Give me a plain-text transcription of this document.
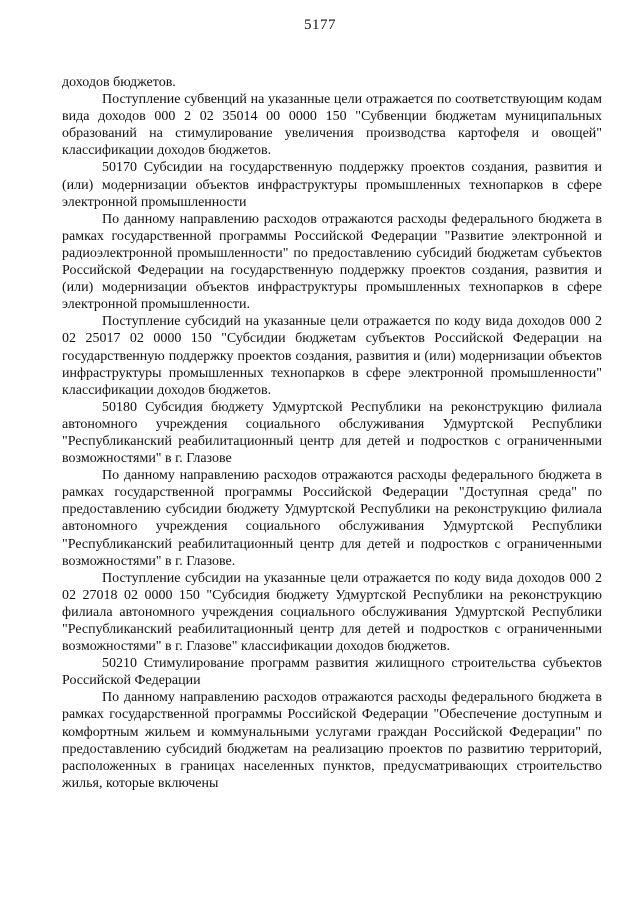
5177

доходов бюджетов.

Поступление субвенций на указанные цели отражается по соответствующим кодам вида доходов 000 2 02 35014 00 0000 150 "Субвенции бюджетам муниципальных образований на стимулирование увеличения производства картофеля и овощей" классификации доходов бюджетов.

50170 Субсидии на государственную поддержку проектов создания, развития и (или) модернизации объектов инфраструктуры промышленных технопарков в сфере электронной промышленности

По данному направлению расходов отражаются расходы федерального бюджета в рамках государственной программы Российской Федерации "Развитие электронной и радиоэлектронной промышленности" по предоставлению субсидий бюджетам субъектов Российской Федерации на государственную поддержку проектов создания, развития и (или) модернизации объектов инфраструктуры промышленных технопарков в сфере электронной промышленности.

Поступление субсидий на указанные цели отражается по коду вида доходов 000 2 02 25017 02 0000 150 "Субсидии бюджетам субъектов Российской Федерации на государственную поддержку проектов создания, развития и (или) модернизации объектов инфраструктуры промышленных технопарков в сфере электронной промышленности" классификации доходов бюджетов.

50180 Субсидия бюджету Удмуртской Республики на реконструкцию филиала автономного учреждения социального обслуживания Удмуртской Республики "Республиканский реабилитационный центр для детей и подростков с ограниченными возможностями" в г. Глазове

По данному направлению расходов отражаются расходы федерального бюджета в рамках государственной программы Российской Федерации "Доступная среда" по предоставлению субсидии бюджету Удмуртской Республики на реконструкцию филиала автономного учреждения социального обслуживания Удмуртской Республики "Республиканский реабилитационный центр для детей и подростков с ограниченными возможностями" в г. Глазове.

Поступление субсидии на указанные цели отражается по коду вида доходов 000 2 02 27018 02 0000 150 "Субсидия бюджету Удмуртской Республики на реконструкцию филиала автономного учреждения социального обслуживания Удмуртской Республики "Республиканский реабилитационный центр для детей и подростков с ограниченными возможностями" в г. Глазове" классификации доходов бюджетов.

50210 Стимулирование программ развития жилищного строительства субъектов Российской Федерации

По данному направлению расходов отражаются расходы федерального бюджета в рамках государственной программы Российской Федерации "Обеспечение доступным и комфортным жильем и коммунальными услугами граждан Российской Федерации" по предоставлению субсидий бюджетам на реализацию проектов по развитию территорий, расположенных в границах населенных пунктов, предусматривающих строительство жилья, которые включены
